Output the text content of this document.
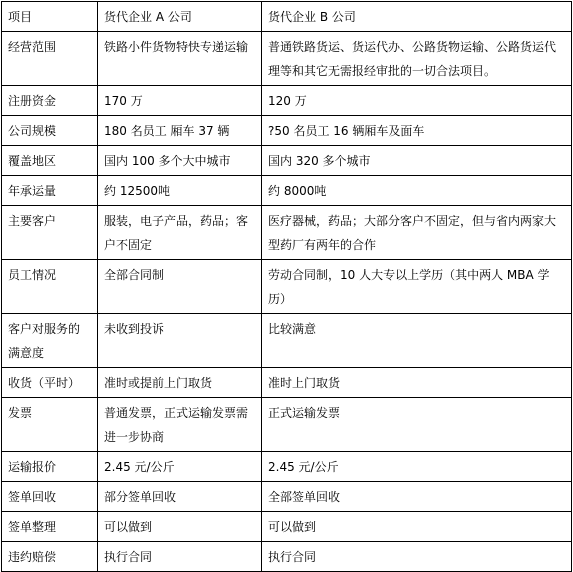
项目	货代企业 A 公司	货代企业 B 公司
经营范围	铁路小件货物特快专递运输	普通铁路货运、货运代办、公路货物运输、公路货运代理等和其它无需报经审批的一切合法项目。
注册资金	170 万	120 万
公司规模	180 名员工 厢车 37 辆	?50 名员工 16 辆厢车及面车
覆盖地区	国内 100 多个大中城市	国内 320 多个城市
年承运量	约 12500吨	约 8000吨
主要客户	服装，电子产品，药品；客户不固定	医疗器械，药品；大部分客户不固定，但与省内两家大型药厂有两年的合作
员工情况	全部合同制	劳动合同制，10 人大专以上学历（其中两人 MBA 学历）
客户对服务的满意度	未收到投诉	比较满意
收货（平时）	准时或提前上门取货	准时上门取货
发票	普通发票，正式运输发票需进一步协商	正式运输发票
运输报价	2.45 元/公斤	2.45 元/公斤
签单回收	部分签单回收	全部签单回收
签单整理	可以做到	可以做到
违约赔偿	执行合同	执行合同
